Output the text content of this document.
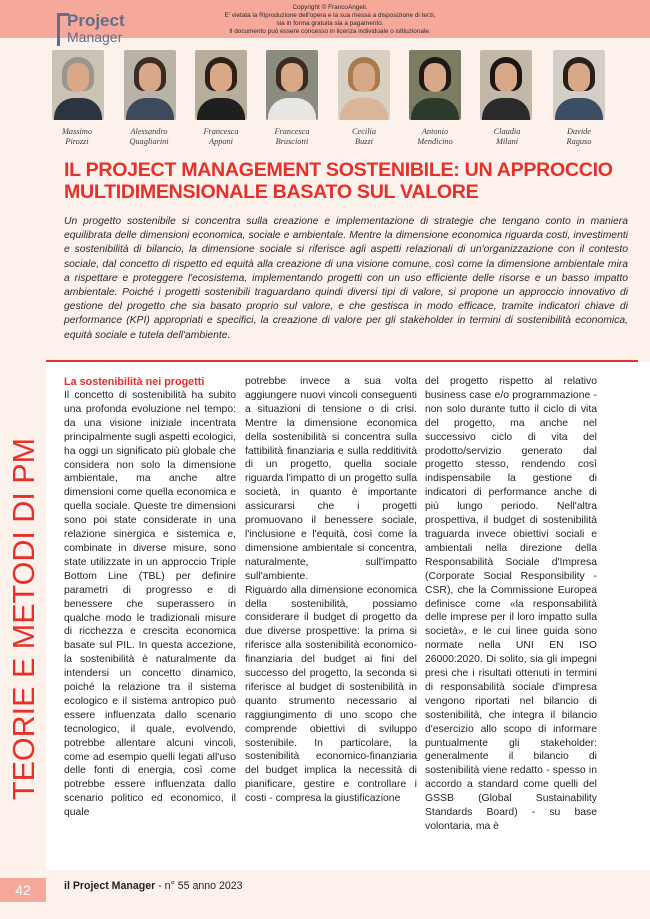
Project
Manager
Copyright © FrancoAngeli.
E' vietata la Riproduzione dell'opera e la sua messa a disposizione di terzi,
sia in forma gratuita sia a pagamento.
Il documento può essere concesso in licenza individuale o istituzionale.
Massimo
Pirozzi
Alessandro
Quagliarini
Francesca
Apponi
Francesca
Brusciotti
Cecilia
Buzzi
Antonio
Mendicino
Claudia
Milani
Davide
Raguso
IL PROJECT MANAGEMENT SOSTENIBILE: UN APPROCCIO MULTIDIMENSIONALE BASATO SUL VALORE
Un progetto sostenibile si concentra sulla creazione e implementazione di strategie che tengano conto in maniera equilibrata delle dimensioni economica, sociale e ambientale. Mentre la dimensione economica riguarda costi, investimenti e sostenibilità di bilancio, la dimensione sociale si riferisce agli aspetti relazionali di un'organizzazione con il contesto sociale, dal concetto di rispetto ed equità alla creazione di una visione comune, così come la dimensione ambientale mira a rispettare e proteggere l'ecosistema, implementando progetti con un uso efficiente delle risorse e un basso impatto ambientale. Poiché i progetti sostenibili traguardano quindi diversi tipi di valore, si propone un approccio innovativo di gestione del progetto che sia basato proprio sul valore, e che gestisca in modo efficace, tramite indicatori chiave di performance (KPI) appropriati e specifici, la creazione di valore per gli stakeholder in termini di sostenibilità economica, equità sociale e tutela dell'ambiente.
TEORIE E METODI DI PM
La sostenibilità nei progetti

Il concetto di sostenibilità ha subito una profonda evoluzione nel tempo: da una visione iniziale incentrata principalmente sugli aspetti ecologici, ha oggi un significato più globale che considera non solo la dimensione ambientale, ma anche altre dimensioni come quella economica e quella sociale. Queste tre dimensioni sono poi state considerate in una relazione sinergica e sistemica e, combinate in diverse misure, sono state utilizzate in un approccio Triple Bottom Line (TBL) per definire parametri di progresso e di benessere che superassero in qualche modo le tradizionali misure di ricchezza e crescita economica basate sul PIL. In questa accezione, la sostenibilità è naturalmente da intendersi un concetto dinamico, poiché la relazione tra il sistema ecologico e il sistema antropico può essere influenzata dallo scenario tecnologico, il quale, evolvendo, potrebbe allentare alcuni vincoli, come ad esempio quelli legati all'uso delle fonti di energia, così come potrebbe essere influenzata dallo scenario politico ed economico, il quale

potrebbe invece a sua volta aggiungere nuovi vincoli conseguenti a situazioni di tensione o di crisi. Mentre la dimensione economica della sostenibilità si concentra sulla fattibilità finanziaria e sulla redditività di un progetto, quella sociale riguarda l'impatto di un progetto sulla società, in quanto è importante assicurarsi che i progetti promuovano il benessere sociale, l'inclusione e l'equità, così come la dimensione ambientale si concentra, naturalmente, sull'impatto sull'ambiente.
Riguardo alla dimensione economica della sostenibilità, possiamo considerare il budget di progetto da due diverse prospettive: la prima si riferisce alla sostenibilità economico-finanziaria del budget ai fini del successo del progetto, la seconda si riferisce al budget di sostenibilità in quanto strumento necessario al raggiungimento di uno scopo che comprende obiettivi di sviluppo sostenibile. In particolare, la sostenibilità economico-finanziaria del budget implica la necessità di pianificare, gestire e controllare i costi - compresa la giustificazione

del progetto rispetto al relativo business case e/o programmazione - non solo durante tutto il ciclo di vita del progetto, ma anche nel successivo ciclo di vita del prodotto/servizio generato dal progetto stesso, rendendo così indispensabile la gestione di indicatori di performance anche di più lungo periodo. Nell'altra prospettiva, il budget di sostenibilità traguarda invece obiettivi sociali e ambientali nella direzione della Responsabilità Sociale d'Impresa (Corporate Social Responsibility - CSR), che la Commissione Europea definisce come «la responsabilità delle imprese per il loro impatto sulla società», e le cui linee guida sono normate nella UNI EN ISO 26000:2020. Di solito, sia gli impegni presi che i risultati ottenuti in termini di responsabilità sociale d'impresa vengono riportati nel bilancio di sostenibilità, che integra il bilancio d'esercizio allo scopo di informare puntualmente gli stakeholder: generalmente il bilancio di sostenibilità viene redatto - spesso in accordo a standard come quelli del GSSB (Global Sustainability Standards Board) - su base volontaria, ma è

42	il Project Manager - n° 55 anno 2023
